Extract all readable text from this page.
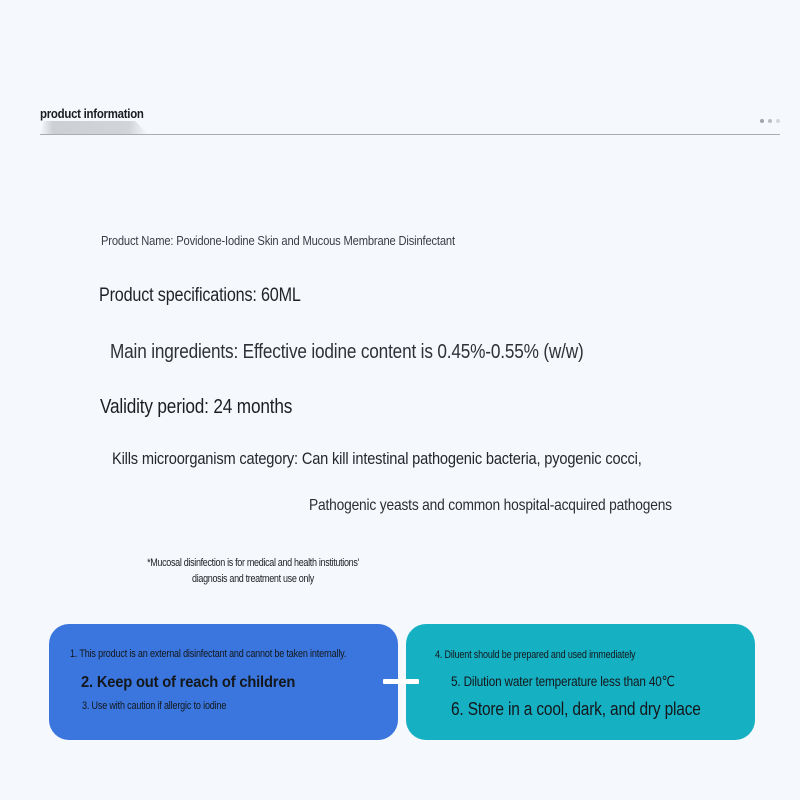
product information
Product Name: Povidone-Iodine Skin and Mucous Membrane Disinfectant
Product specifications: 60ML
Main ingredients: Effective iodine content is 0.45%-0.55% (w/w)
Validity period: 24 months
Kills microorganism category: Can kill intestinal pathogenic bacteria, pyogenic cocci,
Pathogenic yeasts and common hospital-acquired pathogens
*Mucosal disinfection is for medical and health institutions'
diagnosis and treatment use only
1. This product is an external disinfectant and cannot be taken internally.
2. Keep out of reach of children
3. Use with caution if allergic to iodine
4. Diluent should be prepared and used immediately
5. Dilution water temperature less than 40℃
6. Store in a cool, dark, and dry place
